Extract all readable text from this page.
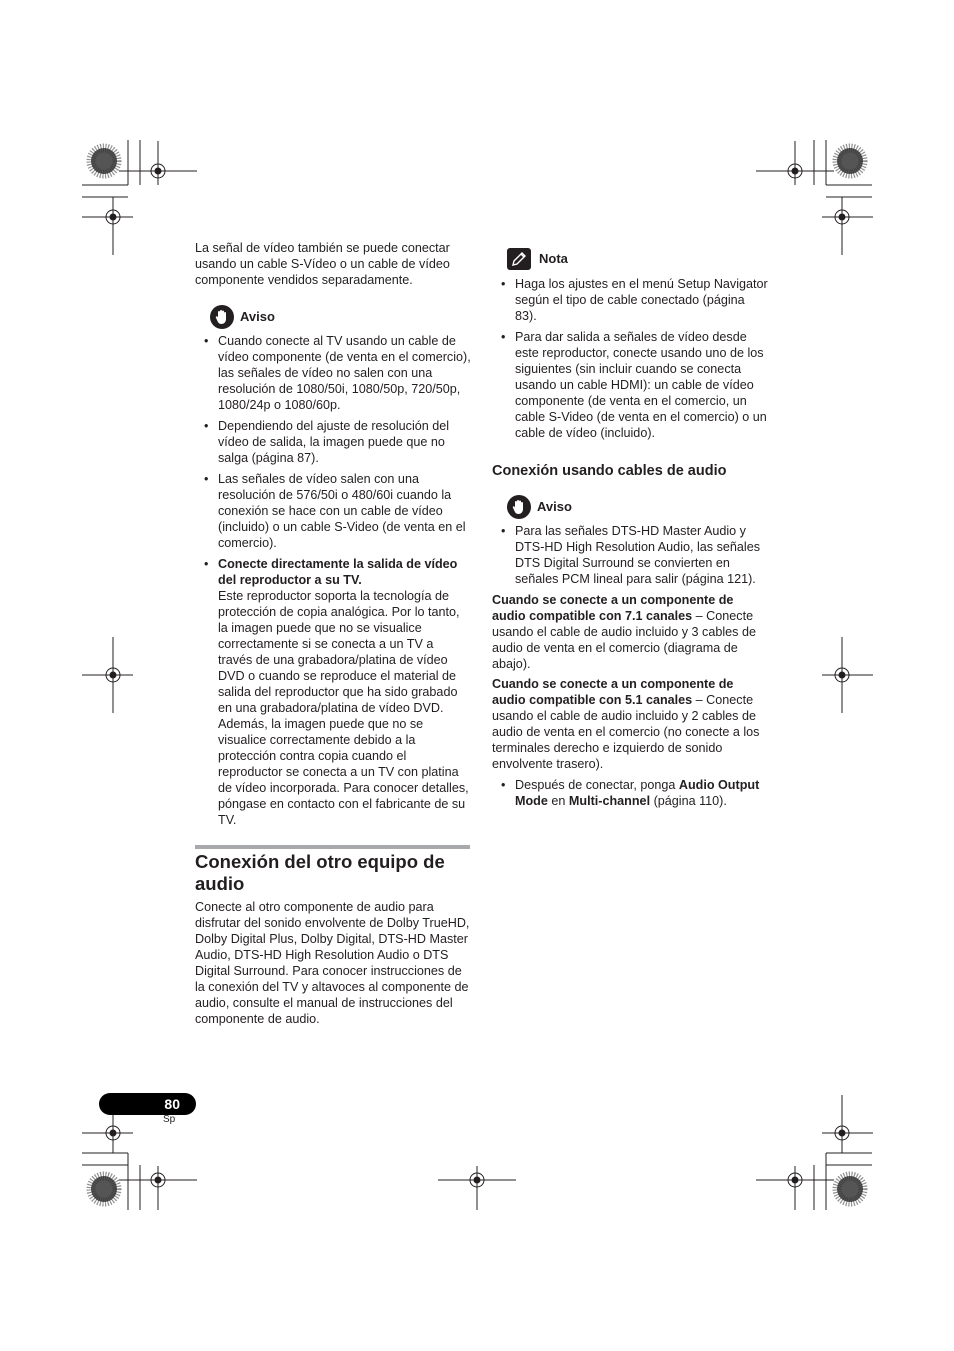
La señal de vídeo también se puede conectar usando un cable S-Vídeo o un cable de vídeo componente vendidos separadamente.

Aviso
• Cuando conecte al TV usando un cable de vídeo componente (de venta en el comercio), las señales de vídeo no salen con una resolución de 1080/50i, 1080/50p, 720/50p, 1080/24p o 1080/60p.
• Dependiendo del ajuste de resolución del vídeo de salida, la imagen puede que no salga (página 87).
• Las señales de vídeo salen con una resolución de 576/50i o 480/60i cuando la conexión se hace con un cable de vídeo (incluido) o un cable S-Video (de venta en el comercio).
• Conecte directamente la salida de vídeo del reproductor a su TV.
Este reproductor soporta la tecnología de protección de copia analógica. Por lo tanto, la imagen puede que no se visualice correctamente si se conecta a un TV a través de una grabadora/platina de vídeo DVD o cuando se reproduce el material de salida del reproductor que ha sido grabado en una grabadora/platina de vídeo DVD. Además, la imagen puede que no se visualice correctamente debido a la protección contra copia cuando el reproductor se conecta a un TV con platina de vídeo incorporada. Para conocer detalles, póngase en contacto con el fabricante de su TV.
Conexión del otro equipo de audio

Conecte al otro componente de audio para disfrutar del sonido envolvente de Dolby TrueHD, Dolby Digital Plus, Dolby Digital, DTS-HD Master Audio, DTS-HD High Resolution Audio o DTS Digital Surround. Para conocer instrucciones de la conexión del TV y altavoces al componente de audio, consulte el manual de instrucciones del componente de audio.

Nota
• Haga los ajustes en el menú Setup Navigator según el tipo de cable conectado (página 83).
• Para dar salida a señales de vídeo desde este reproductor, conecte usando uno de los siguientes (sin incluir cuando se conecta usando un cable HDMI): un cable de vídeo componente (de venta en el comercio, un cable S-Video (de venta en el comercio) o un cable de vídeo (incluido).
Conexión usando cables de audio
Aviso
• Para las señales DTS-HD Master Audio y DTS-HD High Resolution Audio, las señales DTS Digital Surround se convierten en señales PCM lineal para salir (página 121).

Cuando se conecte a un componente de audio compatible con 7.1 canales – Conecte usando el cable de audio incluido y 3 cables de audio de venta en el comercio (diagrama de abajo).

Cuando se conecte a un componente de audio compatible con 5.1 canales – Conecte usando el cable de audio incluido y 2 cables de audio de venta en el comercio (no conecte a los terminales derecho e izquierdo de sonido envolvente trasero).

• Después de conectar, ponga Audio Output Mode en Multi-channel (página 110).
80
Sp
